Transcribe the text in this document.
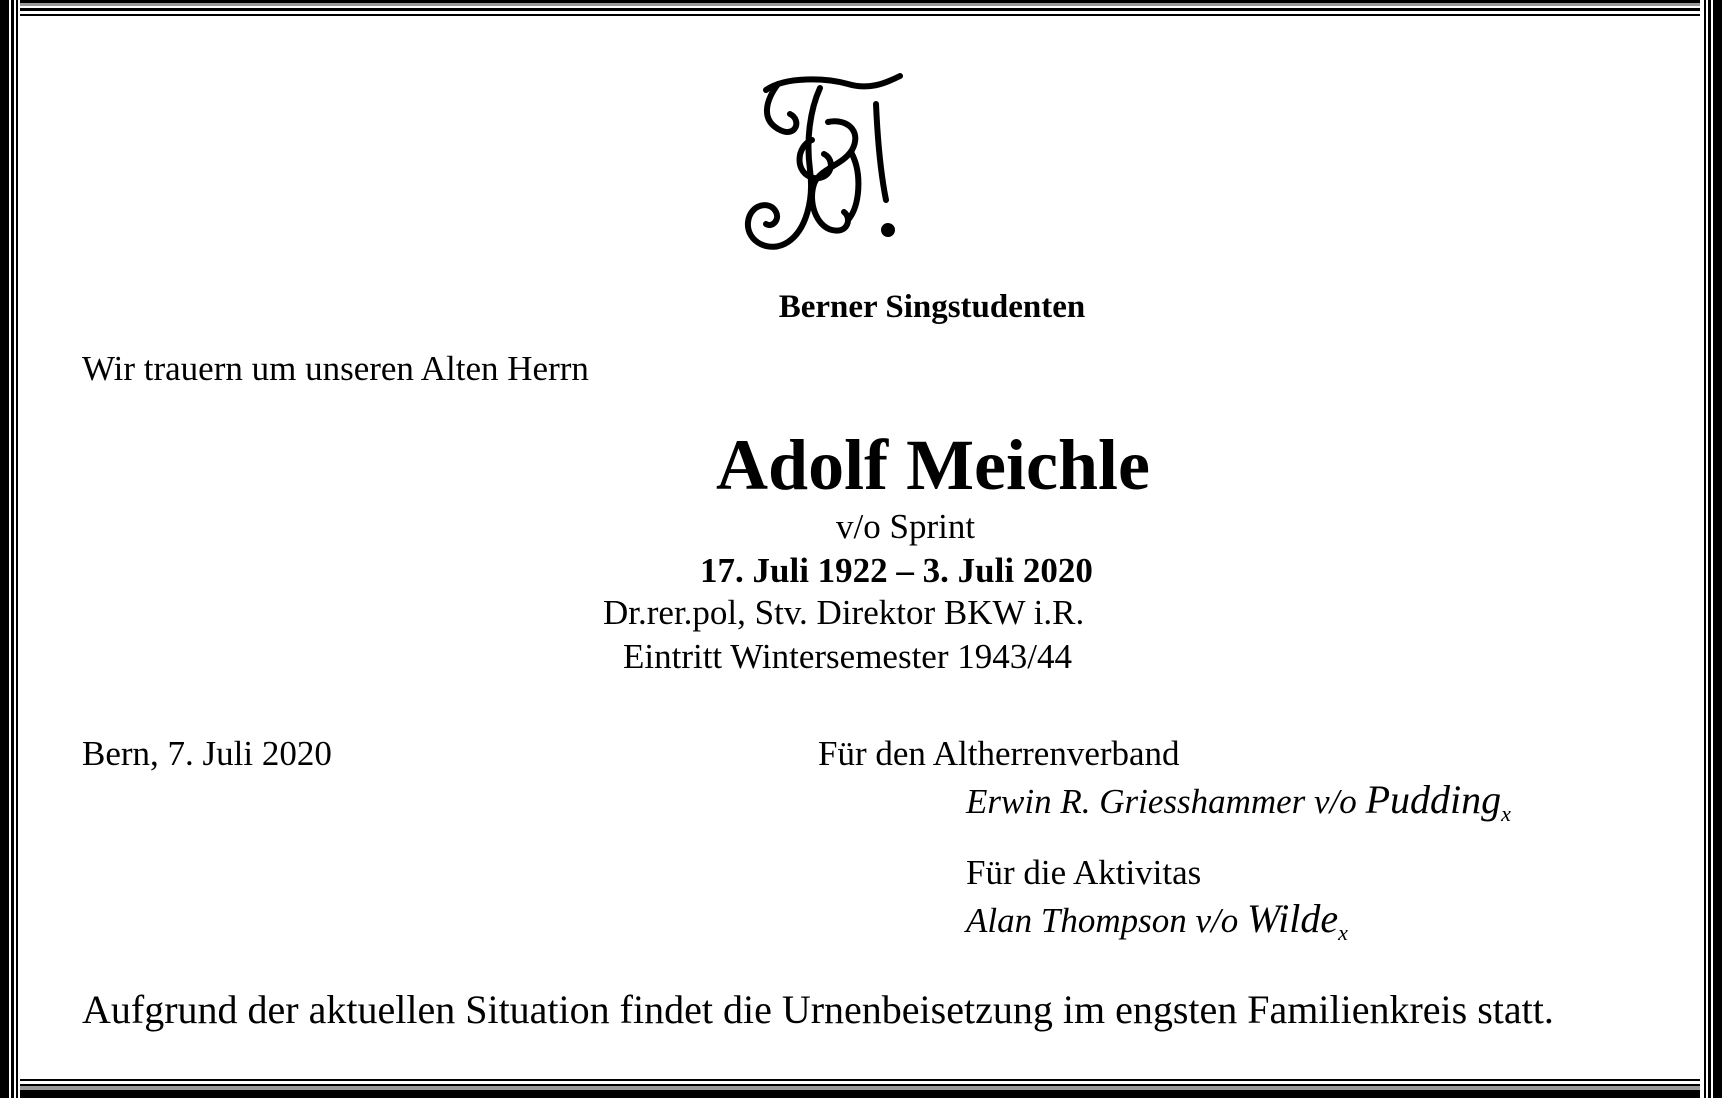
Berner Singstudenten
Wir trauern um unseren Alten Herrn
Adolf Meichle
v/o Sprint
17. Juli 1922 – 3. Juli 2020
Dr.rer.pol, Stv. Direktor BKW i.R.
Eintritt Wintersemester 1943/44
Bern, 7. Juli 2020	Für den Altherrenverband
Erwin R. Griesshammer v/o Pudding$_x$
Für die Aktivitas
Alan Thompson v/o Wilde$_x$
Aufgrund der aktuellen Situation findet die Urnenbeisetzung im engsten Familienkreis statt.
